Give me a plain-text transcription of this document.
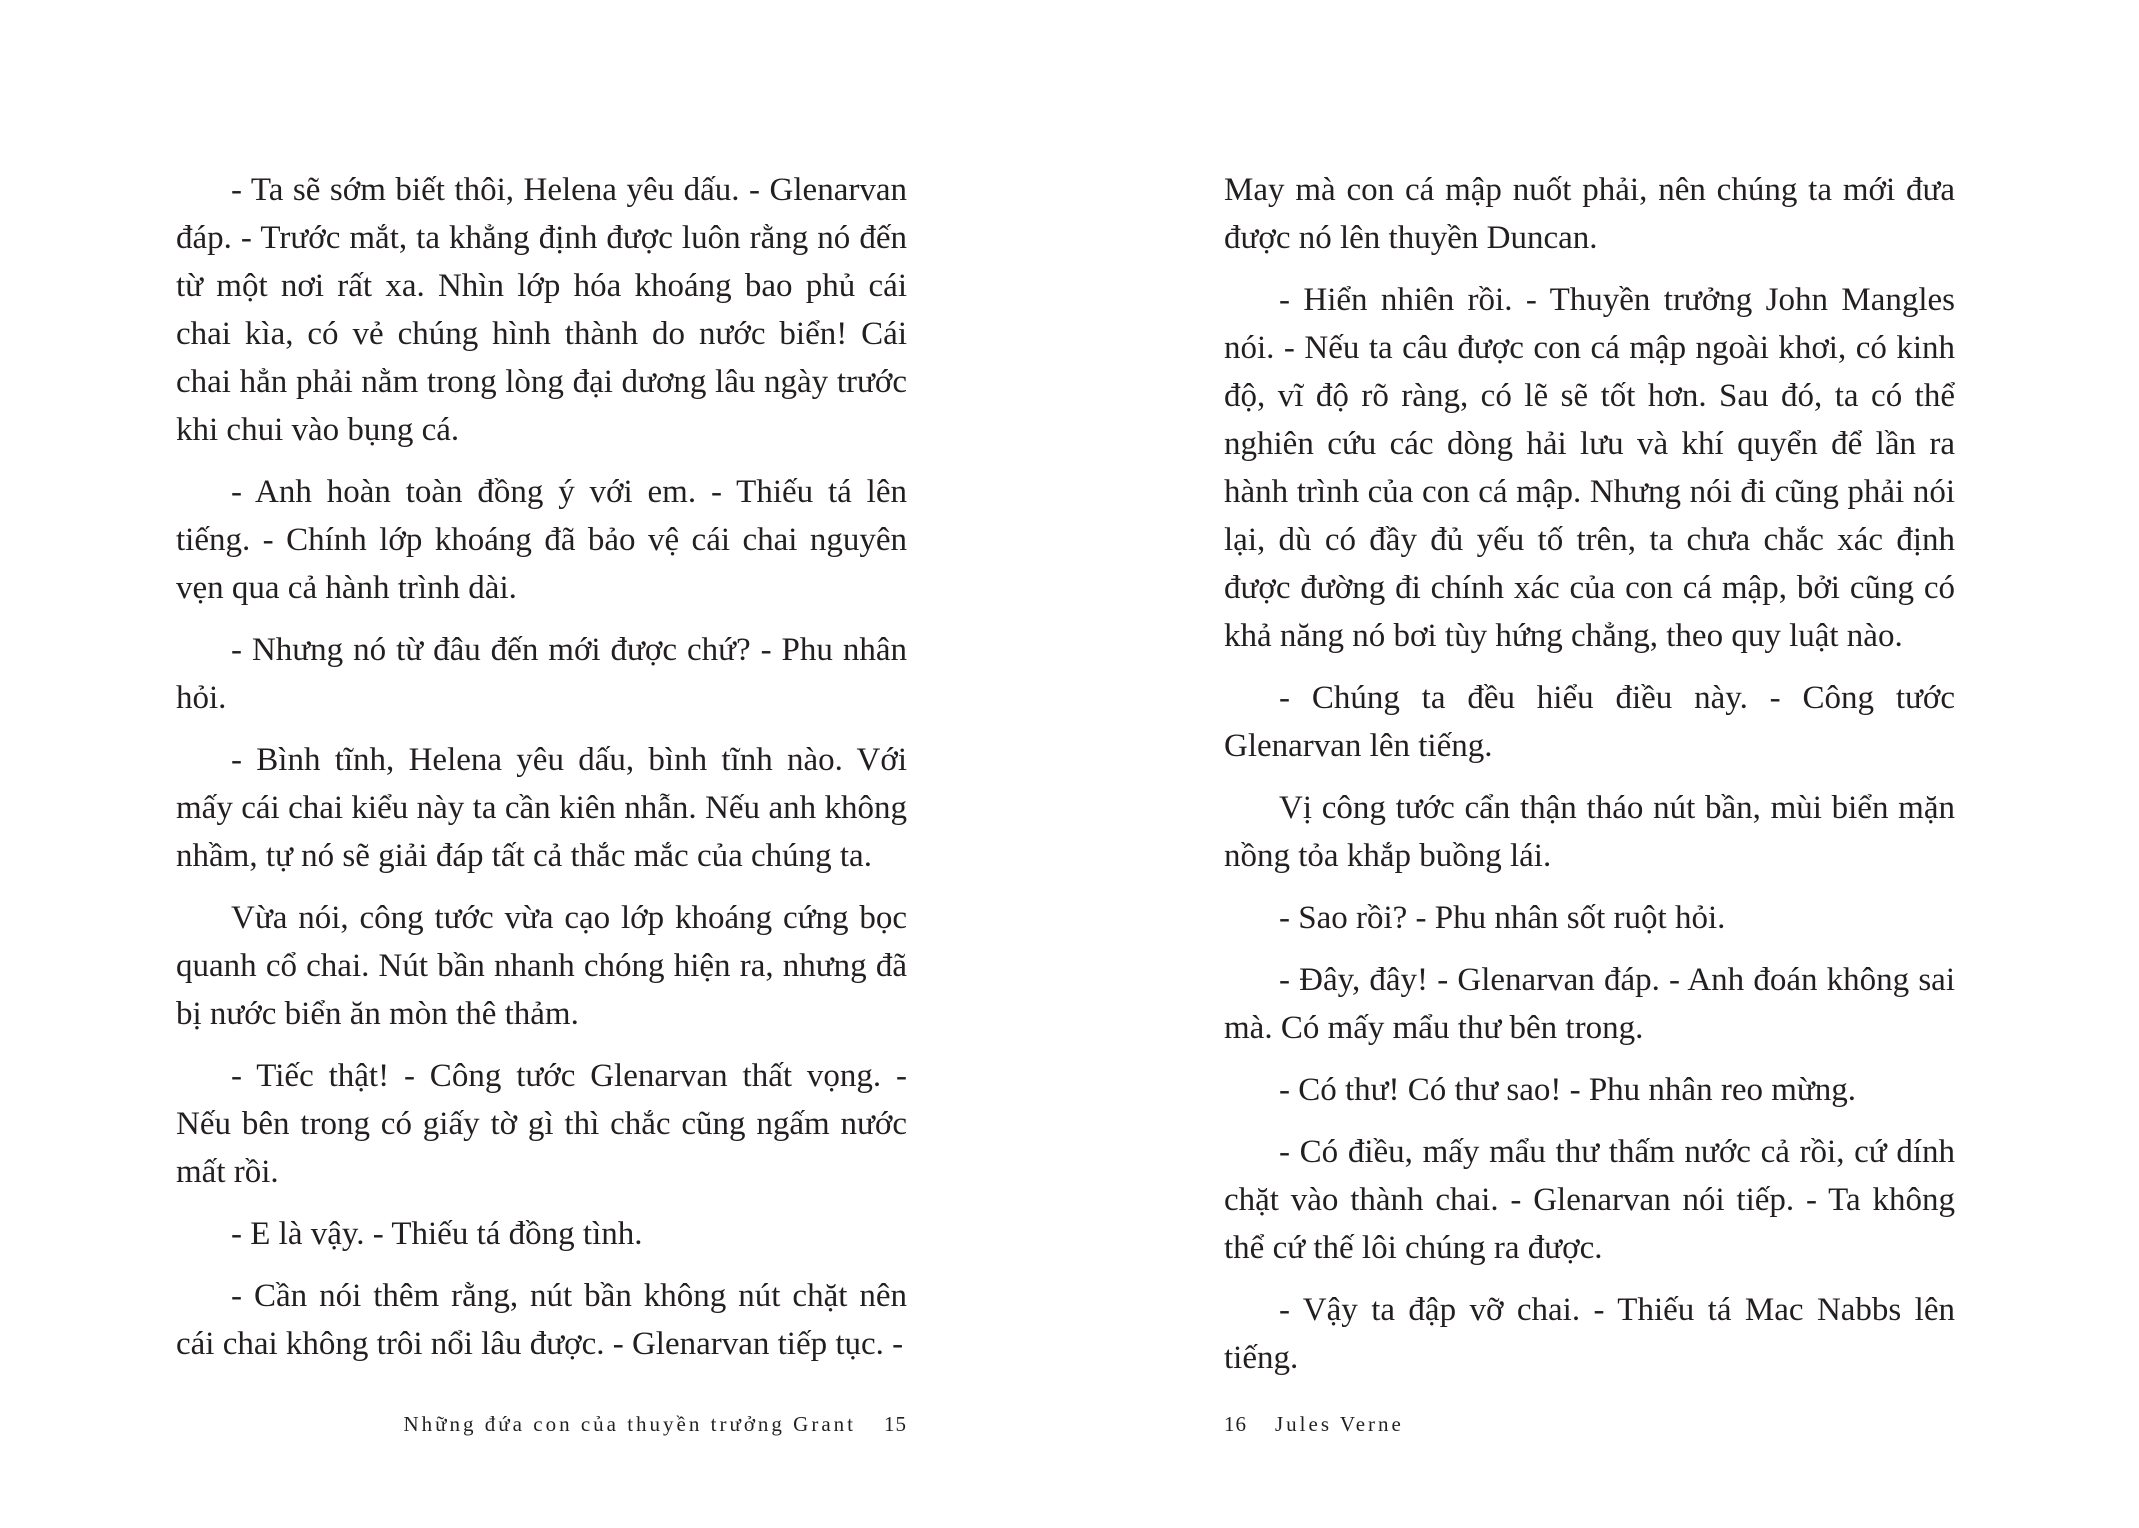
- Ta sẽ sớm biết thôi, Helena yêu dấu. - Glenarvan đáp. - Trước mắt, ta khẳng định được luôn rằng nó đến từ một nơi rất xa. Nhìn lớp hóa khoáng bao phủ cái chai kìa, có vẻ chúng hình thành do nước biển! Cái chai hẳn phải nằm trong lòng đại dương lâu ngày trước khi chui vào bụng cá.

- Anh hoàn toàn đồng ý với em. - Thiếu tá lên tiếng. - Chính lớp khoáng đã bảo vệ cái chai nguyên vẹn qua cả hành trình dài.

- Nhưng nó từ đâu đến mới được chứ? - Phu nhân hỏi.

- Bình tĩnh, Helena yêu dấu, bình tĩnh nào. Với mấy cái chai kiểu này ta cần kiên nhẫn. Nếu anh không nhầm, tự nó sẽ giải đáp tất cả thắc mắc của chúng ta.

Vừa nói, công tước vừa cạo lớp khoáng cứng bọc quanh cổ chai. Nút bần nhanh chóng hiện ra, nhưng đã bị nước biển ăn mòn thê thảm.

- Tiếc thật! - Công tước Glenarvan thất vọng. - Nếu bên trong có giấy tờ gì thì chắc cũng ngấm nước mất rồi.

- E là vậy. - Thiếu tá đồng tình.

- Cần nói thêm rằng, nút bần không nút chặt nên cái chai không trôi nổi lâu được. - Glenarvan tiếp tục. -

Những đứa con của thuyền trưởng Grant 15

May mà con cá mập nuốt phải, nên chúng ta mới đưa được nó lên thuyền Duncan.

- Hiển nhiên rồi. - Thuyền trưởng John Mangles nói. - Nếu ta câu được con cá mập ngoài khơi, có kinh độ, vĩ độ rõ ràng, có lẽ sẽ tốt hơn. Sau đó, ta có thể nghiên cứu các dòng hải lưu và khí quyển để lần ra hành trình của con cá mập. Nhưng nói đi cũng phải nói lại, dù có đầy đủ yếu tố trên, ta chưa chắc xác định được đường đi chính xác của con cá mập, bởi cũng có khả năng nó bơi tùy hứng chẳng, theo quy luật nào.

- Chúng ta đều hiểu điều này. - Công tước Glenarvan lên tiếng.

Vị công tước cẩn thận tháo nút bần, mùi biển mặn nồng tỏa khắp buồng lái.

- Sao rồi? - Phu nhân sốt ruột hỏi.

- Đây, đây! - Glenarvan đáp. - Anh đoán không sai mà. Có mấy mẩu thư bên trong.

- Có thư! Có thư sao! - Phu nhân reo mừng.

- Có điều, mấy mẩu thư thấm nước cả rồi, cứ dính chặt vào thành chai. - Glenarvan nói tiếp. - Ta không thể cứ thế lôi chúng ra được.

- Vậy ta đập vỡ chai. - Thiếu tá Mac Nabbs lên tiếng.

16 Jules Verne
